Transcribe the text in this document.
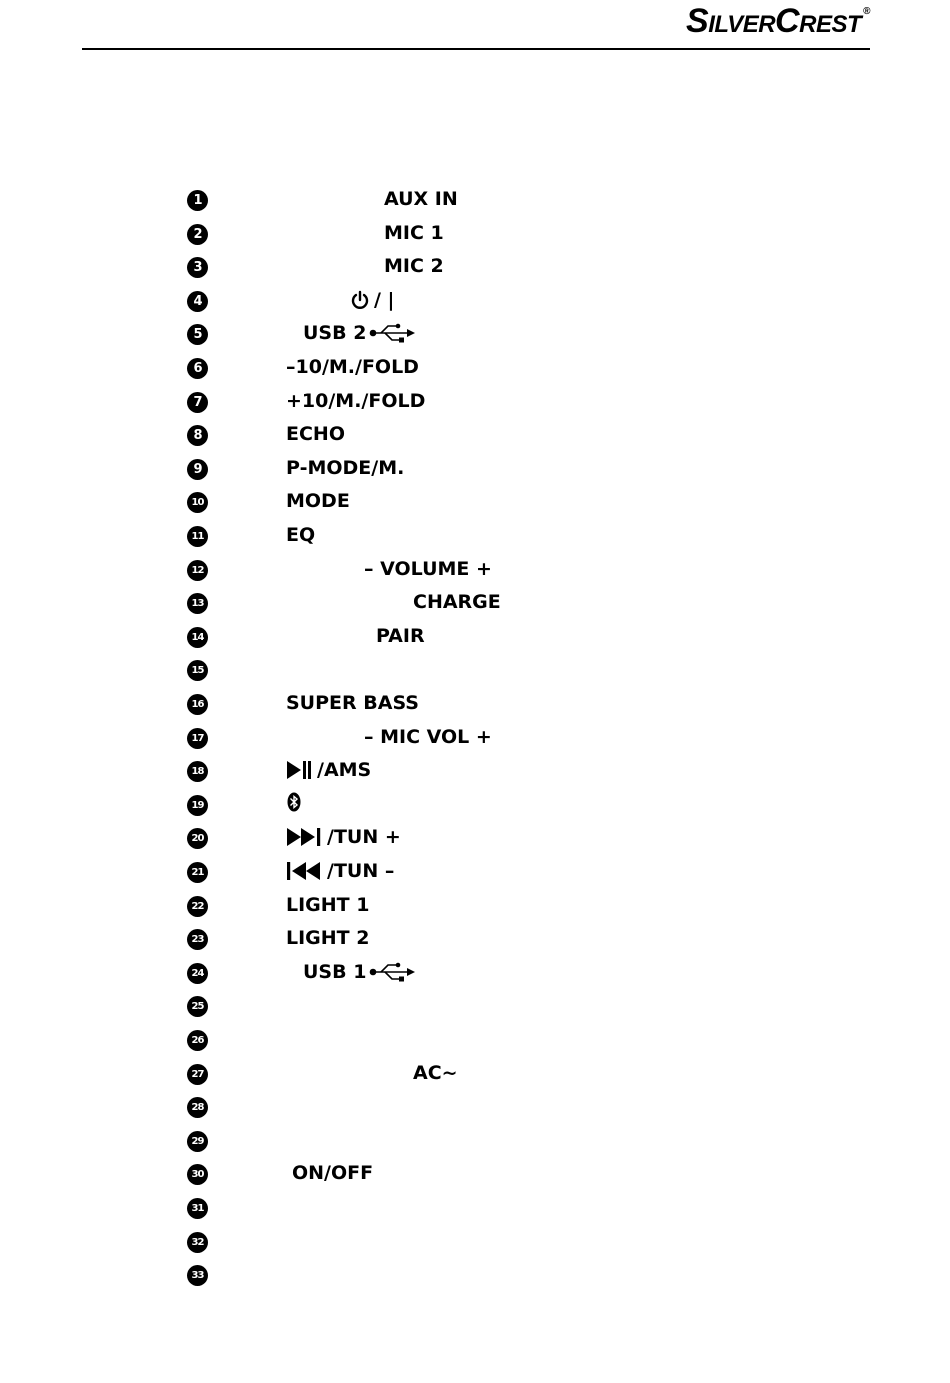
S ILVER C REST ®
1	AUX IN
2	MIC 1
3	MIC 2
4	/ |
5	USB 2
6	–10/M./FOLD
7	+10/M./FOLD
8	ECHO
9	P-MODE/M.
10	MODE
11	EQ
12	– VOLUME +
13	CHARGE
14	PAIR
15
16	SUPER BASS
17	– MIC VOL +
18	/AMS
19
20	/TUN +
21	/TUN –
22	LIGHT 1
23	LIGHT 2
24	USB 1
25
26
27	AC~
28
29
30	ON/OFF
31
32
33
